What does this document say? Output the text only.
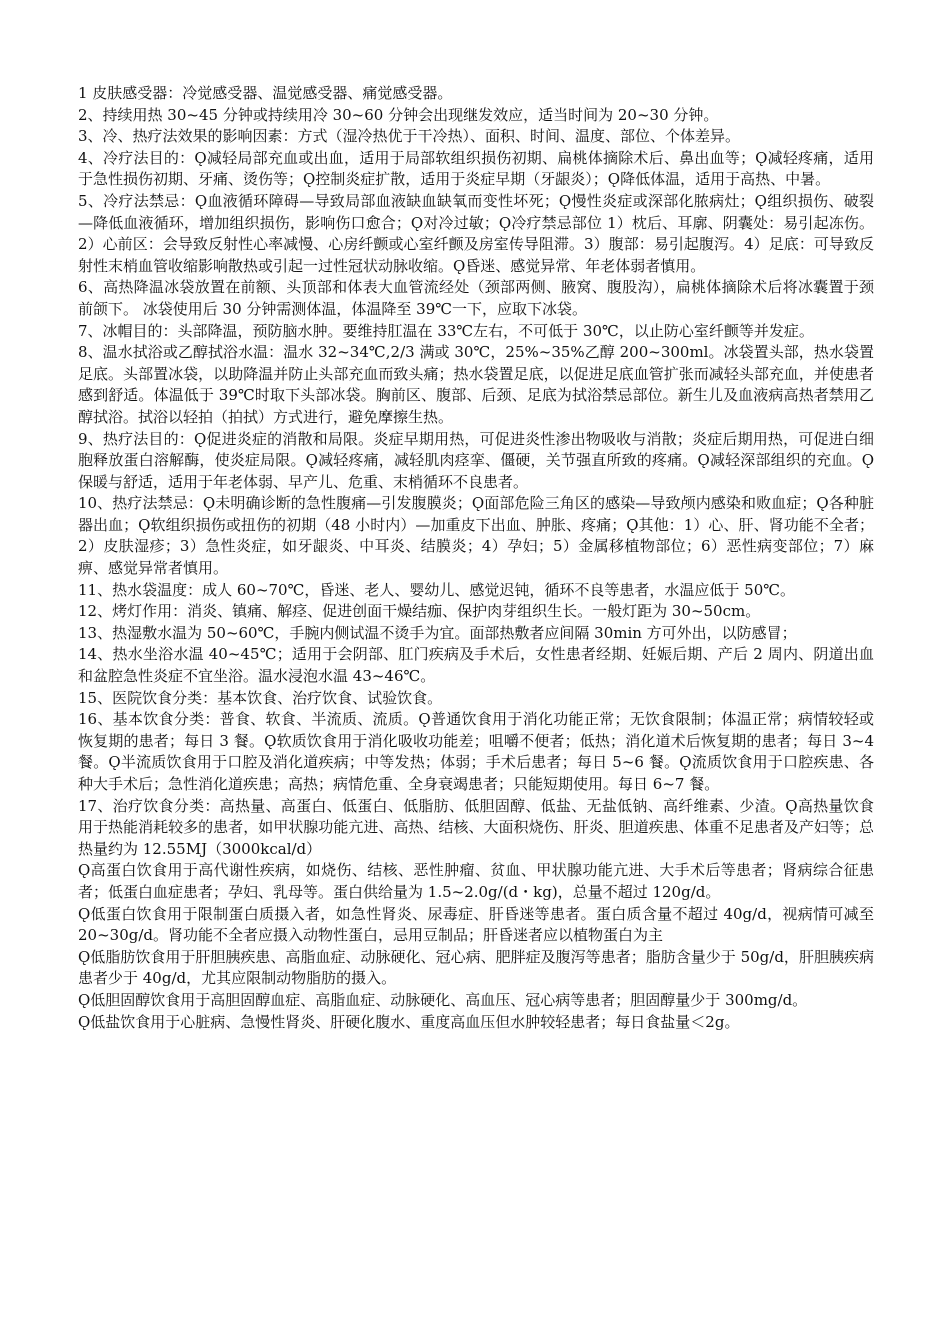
1 皮肤感受器：冷觉感受器、温觉感受器、痛觉感受器。

2、持续用热 30~45 分钟或持续用冷 30~60 分钟会出现继发效应，适当时间为 20~30 分钟。

3、冷、热疗法效果的影响因素：方式（湿冷热优于干冷热）、面积、时间、温度、部位、个体差异。

4、冷疗法目的：Ǫ减轻局部充血或出血，适用于局部软组织损伤初期、扁桃体摘除术后、鼻出血等；Ǫ减轻疼痛，适用于急性损伤初期、牙痛、烫伤等；Ǫ控制炎症扩散，适用于炎症早期（牙龈炎）；Ǫ降低体温，适用于高热、中暑。

5、冷疗法禁忌：Ǫ血液循环障碍—导致局部血液缺血缺氧而变性坏死；Ǫ慢性炎症或深部化脓病灶；Ǫ组织损伤、破裂—降低血液循环，增加组织损伤，影响伤口愈合；Ǫ对冷过敏；Ǫ冷疗禁忌部位 1）枕后、耳廓、阴囊处：易引起冻伤。2）心前区：会导致反射性心率减慢、心房纤颤或心室纤颤及房室传导阻滞。3）腹部：易引起腹泻。4）足底：可导致反射性末梢血管收缩影响散热或引起一过性冠状动脉收缩。Ǫ昏迷、感觉异常、年老体弱者慎用。

6、高热降温冰袋放置在前额、头顶部和体表大血管流经处（颈部两侧、腋窝、腹股沟），扁桃体摘除术后将冰囊置于颈前颌下。 冰袋使用后 30 分钟需测体温，体温降至 39℃一下，应取下冰袋。

7、冰帽目的：头部降温，预防脑水肿。要维持肛温在 33℃左右，不可低于 30℃，以止防心室纤颤等并发症。

8、温水拭浴或乙醇拭浴水温：温水 32~34℃,2/3 满或 30℃，25%~35%乙醇 200~300ml。冰袋置头部，热水袋置足底。头部置冰袋，以助降温并防止头部充血而致头痛；热水袋置足底，以促进足底血管扩张而减轻头部充血，并使患者感到舒适。体温低于 39℃时取下头部冰袋。胸前区、腹部、后颈、足底为拭浴禁忌部位。新生儿及血液病高热者禁用乙醇拭浴。拭浴以轻拍（拍拭）方式进行，避免摩擦生热。

9、热疗法目的：Ǫ促进炎症的消散和局限。炎症早期用热，可促进炎性渗出物吸收与消散；炎症后期用热，可促进白细胞释放蛋白溶解酶，使炎症局限。Ǫ减轻疼痛，减轻肌肉痉挛、僵硬，关节强直所致的疼痛。Ǫ减轻深部组织的充血。Ǫ保暖与舒适，适用于年老体弱、早产儿、危重、末梢循环不良患者。

10、热疗法禁忌：Ǫ未明确诊断的急性腹痛—引发腹膜炎；Ǫ面部危险三角区的感染—导致颅内感染和败血症；Ǫ各种脏器出血；Ǫ软组织损伤或扭伤的初期（48 小时内）—加重皮下出血、肿胀、疼痛；Ǫ其他：1）心、肝、肾功能不全者；2）皮肤湿疹；3）急性炎症，如牙龈炎、中耳炎、结膜炎；4）孕妇；5）金属移植物部位；6）恶性病变部位；7）麻痹、感觉异常者慎用。

11、热水袋温度：成人 60~70℃，昏迷、老人、婴幼儿、感觉迟钝，循环不良等患者，水温应低于 50℃。

12、烤灯作用：消炎、镇痛、解痉、促进创面干燥结痂、保护肉芽组织生长。一般灯距为 30~50cm。

13、热湿敷水温为 50~60℃，手腕内侧试温不烫手为宜。面部热敷者应间隔 30min 方可外出，以防感冒；

14、热水坐浴水温 40~45℃；适用于会阴部、肛门疾病及手术后，女性患者经期、妊娠后期、产后 2 周内、阴道出血和盆腔急性炎症不宜坐浴。温水浸泡水温 43~46℃。

15、医院饮食分类：基本饮食、治疗饮食、试验饮食。

16、基本饮食分类：普食、软食、半流质、流质。Ǫ普通饮食用于消化功能正常；无饮食限制；体温正常；病情较轻或恢复期的患者；每日 3 餐。Ǫ软质饮食用于消化吸收功能差；咀嚼不便者；低热；消化道术后恢复期的患者；每日 3~4 餐。Ǫ半流质饮食用于口腔及消化道疾病；中等发热；体弱；手术后患者；每日 5~6 餐。Ǫ流质饮食用于口腔疾患、各种大手术后；急性消化道疾患；高热；病情危重、全身衰竭患者；只能短期使用。每日 6~7 餐。

17、治疗饮食分类：高热量、高蛋白、低蛋白、低脂肪、低胆固醇、低盐、无盐低钠、高纤维素、少渣。Ǫ高热量饮食用于热能消耗较多的患者，如甲状腺功能亢进、高热、结核、大面积烧伤、肝炎、胆道疾患、体重不足患者及产妇等；总热量约为 12.55MJ（3000kcal/d）

Ǫ高蛋白饮食用于高代谢性疾病，如烧伤、结核、恶性肿瘤、贫血、甲状腺功能亢进、大手术后等患者；肾病综合征患者；低蛋白血症患者；孕妇、乳母等。蛋白供给量为 1.5~2.0g/(d・kg)，总量不超过 120g/d。

Ǫ低蛋白饮食用于限制蛋白质摄入者，如急性肾炎、尿毒症、肝昏迷等患者。蛋白质含量不超过 40g/d，视病情可减至 20~30g/d。肾功能不全者应摄入动物性蛋白，忌用豆制品；肝昏迷者应以植物蛋白为主

Ǫ低脂肪饮食用于肝胆胰疾患、高脂血症、动脉硬化、冠心病、肥胖症及腹泻等患者；脂肪含量少于 50g/d，肝胆胰疾病患者少于 40g/d，尤其应限制动物脂肪的摄入。

Ǫ低胆固醇饮食用于高胆固醇血症、高脂血症、动脉硬化、高血压、冠心病等患者；胆固醇量少于 300mg/d。

Ǫ低盐饮食用于心脏病、急慢性肾炎、肝硬化腹水、重度高血压但水肿较轻患者；每日食盐量＜2g。
